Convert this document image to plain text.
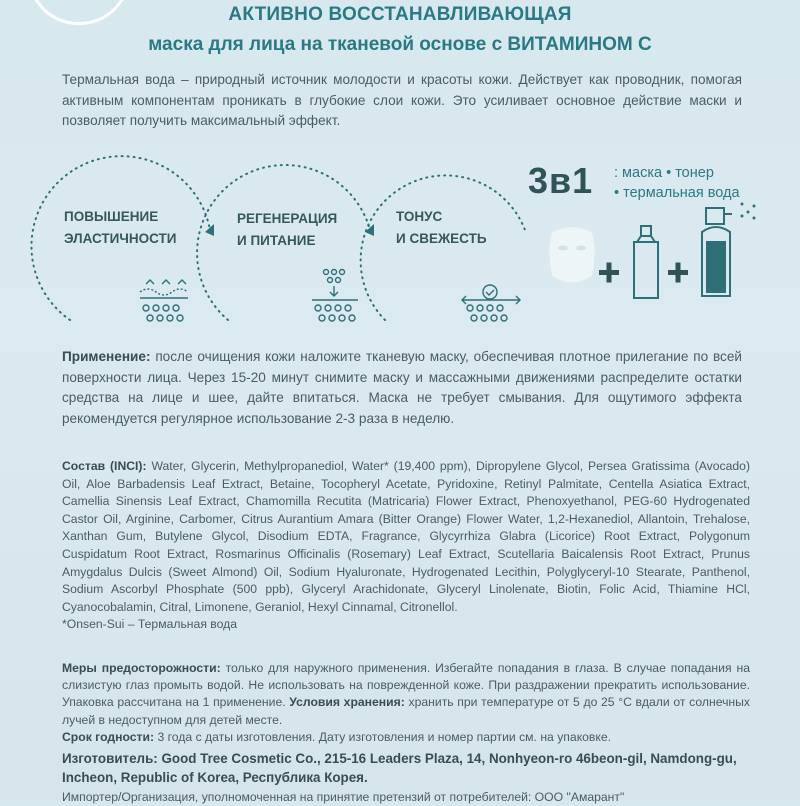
АКТИВНО ВОССТАНАВЛИВАЮЩАЯ
маска для лица на тканевой основе с ВИТАМИНОМ С
Термальная вода – природный источник молодости и красоты кожи. Действует как проводник, помогая активным компонентам проникать в глубокие слои кожи. Это усиливает основное действие маски и позволяет получить максимальный эффект.
ПОВЫШЕНИЕ
ЭЛАСТИЧНОСТИ
РЕГЕНЕРАЦИЯ
И ПИТАНИЕ
ТОНУС
И СВЕЖЕСТЬ
3в1 : маска • тонер
• термальная вода
Применение: после очищения кожи наложите тканевую маску, обеспечивая плотное прилегание по всей поверхности лица. Через 15-20 минут снимите маску и массажными движениями распределите остатки средства на лице и шее, дайте впитаться. Маска не требует смывания. Для ощутимого эффекта рекомендуется регулярное использование 2-3 раза в неделю.
Состав (INCI): Water, Glycerin, Methylpropanediol, Water* (19,400 ppm), Dipropylene Glycol, Persea Gratissima (Avocado) Oil, Aloe Barbadensis Leaf Extract, Betaine, Tocopheryl Acetate, Pyridoxine, Retinyl Palmitate, Centella Asiatica Extract, Camellia Sinensis Leaf Extract, Chamomilla Recutita (Matricaria) Flower Extract, Phenoxyethanol, PEG-60 Hydrogenated Castor Oil, Arginine, Carbomer, Citrus Aurantium Amara (Bitter Orange) Flower Water, 1,2-Hexanediol, Allantoin, Trehalose, Xanthan Gum, Butylene Glycol, Disodium EDTA, Fragrance, Glycyrrhiza Glabra (Licorice) Root Extract, Polygonum Cuspidatum Root Extract, Rosmarinus Officinalis (Rosemary) Leaf Extract, Scutellaria Baicalensis Root Extract, Prunus Amygdalus Dulcis (Sweet Almond) Oil, Sodium Hyaluronate, Hydrogenated Lecithin, Polyglyceryl-10 Stearate, Panthenol, Sodium Ascorbyl Phosphate (500 ppb), Glyceryl Arachidonate, Glyceryl Linolenate, Biotin, Folic Acid, Thiamine HCl, Cyanocobalamin, Citral, Limonene, Geraniol, Hexyl Cinnamal, Citronellol.
*Onsen-Sui – Термальная вода
Меры предосторожности: только для наружного применения. Избегайте попадания в глаза. В случае попадания на слизистую глаз промыть водой. Не использовать на поврежденной коже. При раздражении прекратить использование. Упаковка рассчитана на 1 применение. Условия хранения: хранить при температуре от 5 до 25 °С вдали от солнечных лучей в недоступном для детей месте.
Срок годности: 3 года с даты изготовления. Дату изготовления и номер партии см. на упаковке.
Изготовитель: Good Tree Cosmetic Co., 215-16 Leaders Plaza, 14, Nonhyeon-ro 46beon-gil, Namdong-gu, Incheon, Republic of Korea, Республика Корея.
Импортер/Организация, уполномоченная на принятие претензий от потребителей: ООО "Амарант"
